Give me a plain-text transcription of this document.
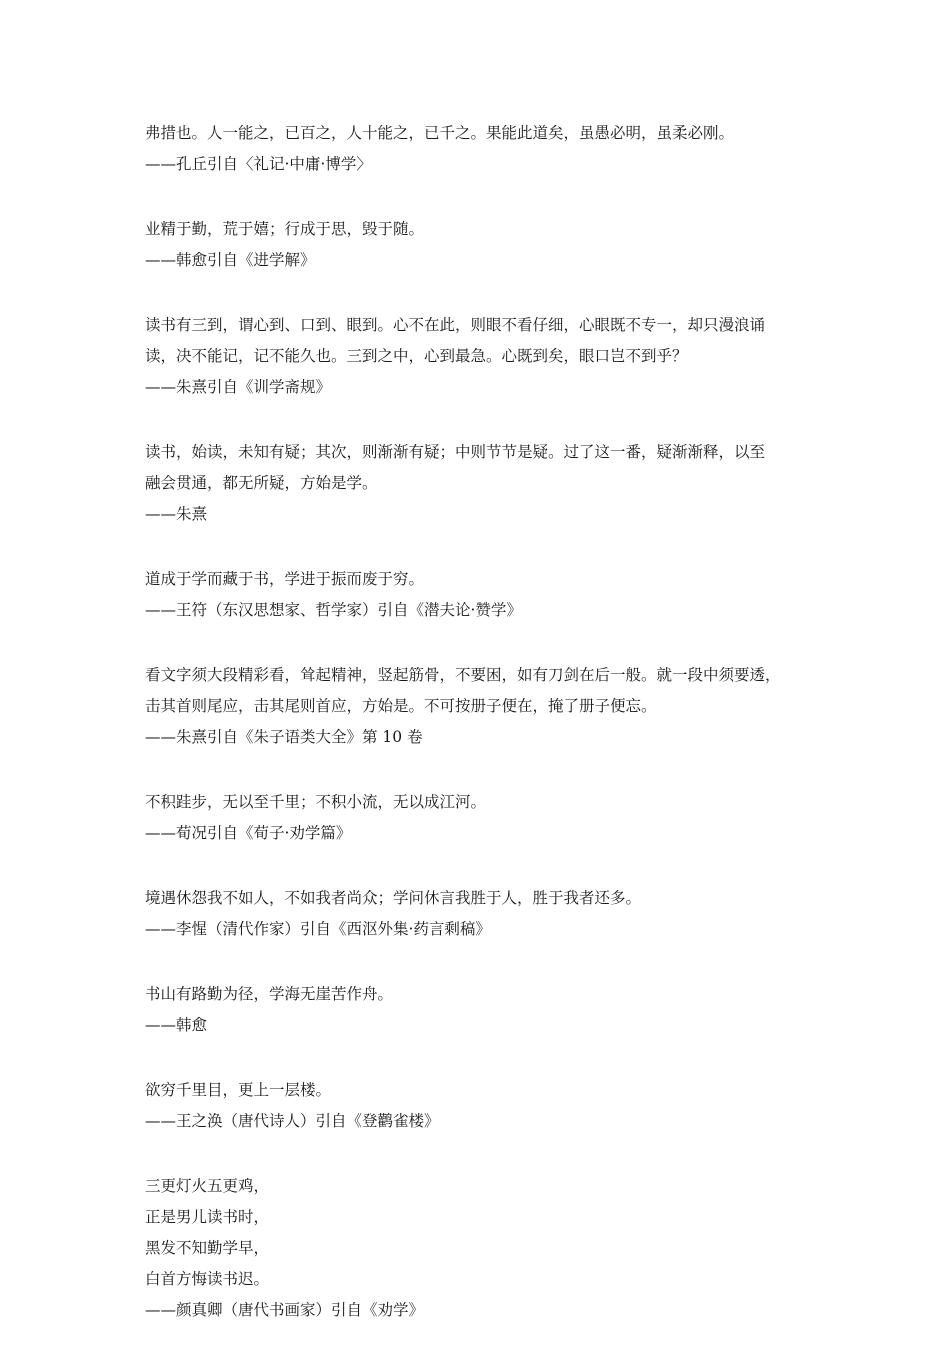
弗措也。人一能之，已百之，人十能之，已千之。果能此道矣，虽愚必明，虽柔必刚。

——孔丘引自〈礼记·中庸·博学〉

业精于勤，荒于嬉；行成于思，毁于随。

——韩愈引自《进学解》

读书有三到，谓心到、口到、眼到。心不在此，则眼不看仔细，心眼既不专一，却只漫浪诵

读，决不能记，记不能久也。三到之中，心到最急。心既到矣，眼口岂不到乎？

——朱熹引自《训学斋规》

读书，始读，未知有疑；其次，则渐渐有疑；中则节节是疑。过了这一番，疑渐渐释，以至

融会贯通，都无所疑，方始是学。

——朱熹

道成于学而藏于书，学进于振而废于穷。

——王符（东汉思想家、哲学家）引自《潜夫论·赞学》

看文字须大段精彩看，耸起精神，竖起筋骨，不要困，如有刀剑在后一般。就一段中须要透，

击其首则尾应，击其尾则首应，方始是。不可按册子便在，掩了册子便忘。

——朱熹引自《朱子语类大全》第 10 卷

不积跬步，无以至千里；不积小流，无以成江河。

——荀况引自《荀子·劝学篇》

境遇休怨我不如人，不如我者尚众；学问休言我胜于人，胜于我者还多。

——李惺（清代作家）引自《西沤外集·药言剩稿》

书山有路勤为径，学海无崖苦作舟。

——韩愈

欲穷千里目，更上一层楼。

——王之涣（唐代诗人）引自《登鹳雀楼》

三更灯火五更鸡，

正是男儿读书时，

黑发不知勤学早，

白首方悔读书迟。

——颜真卿（唐代书画家）引自《劝学》
